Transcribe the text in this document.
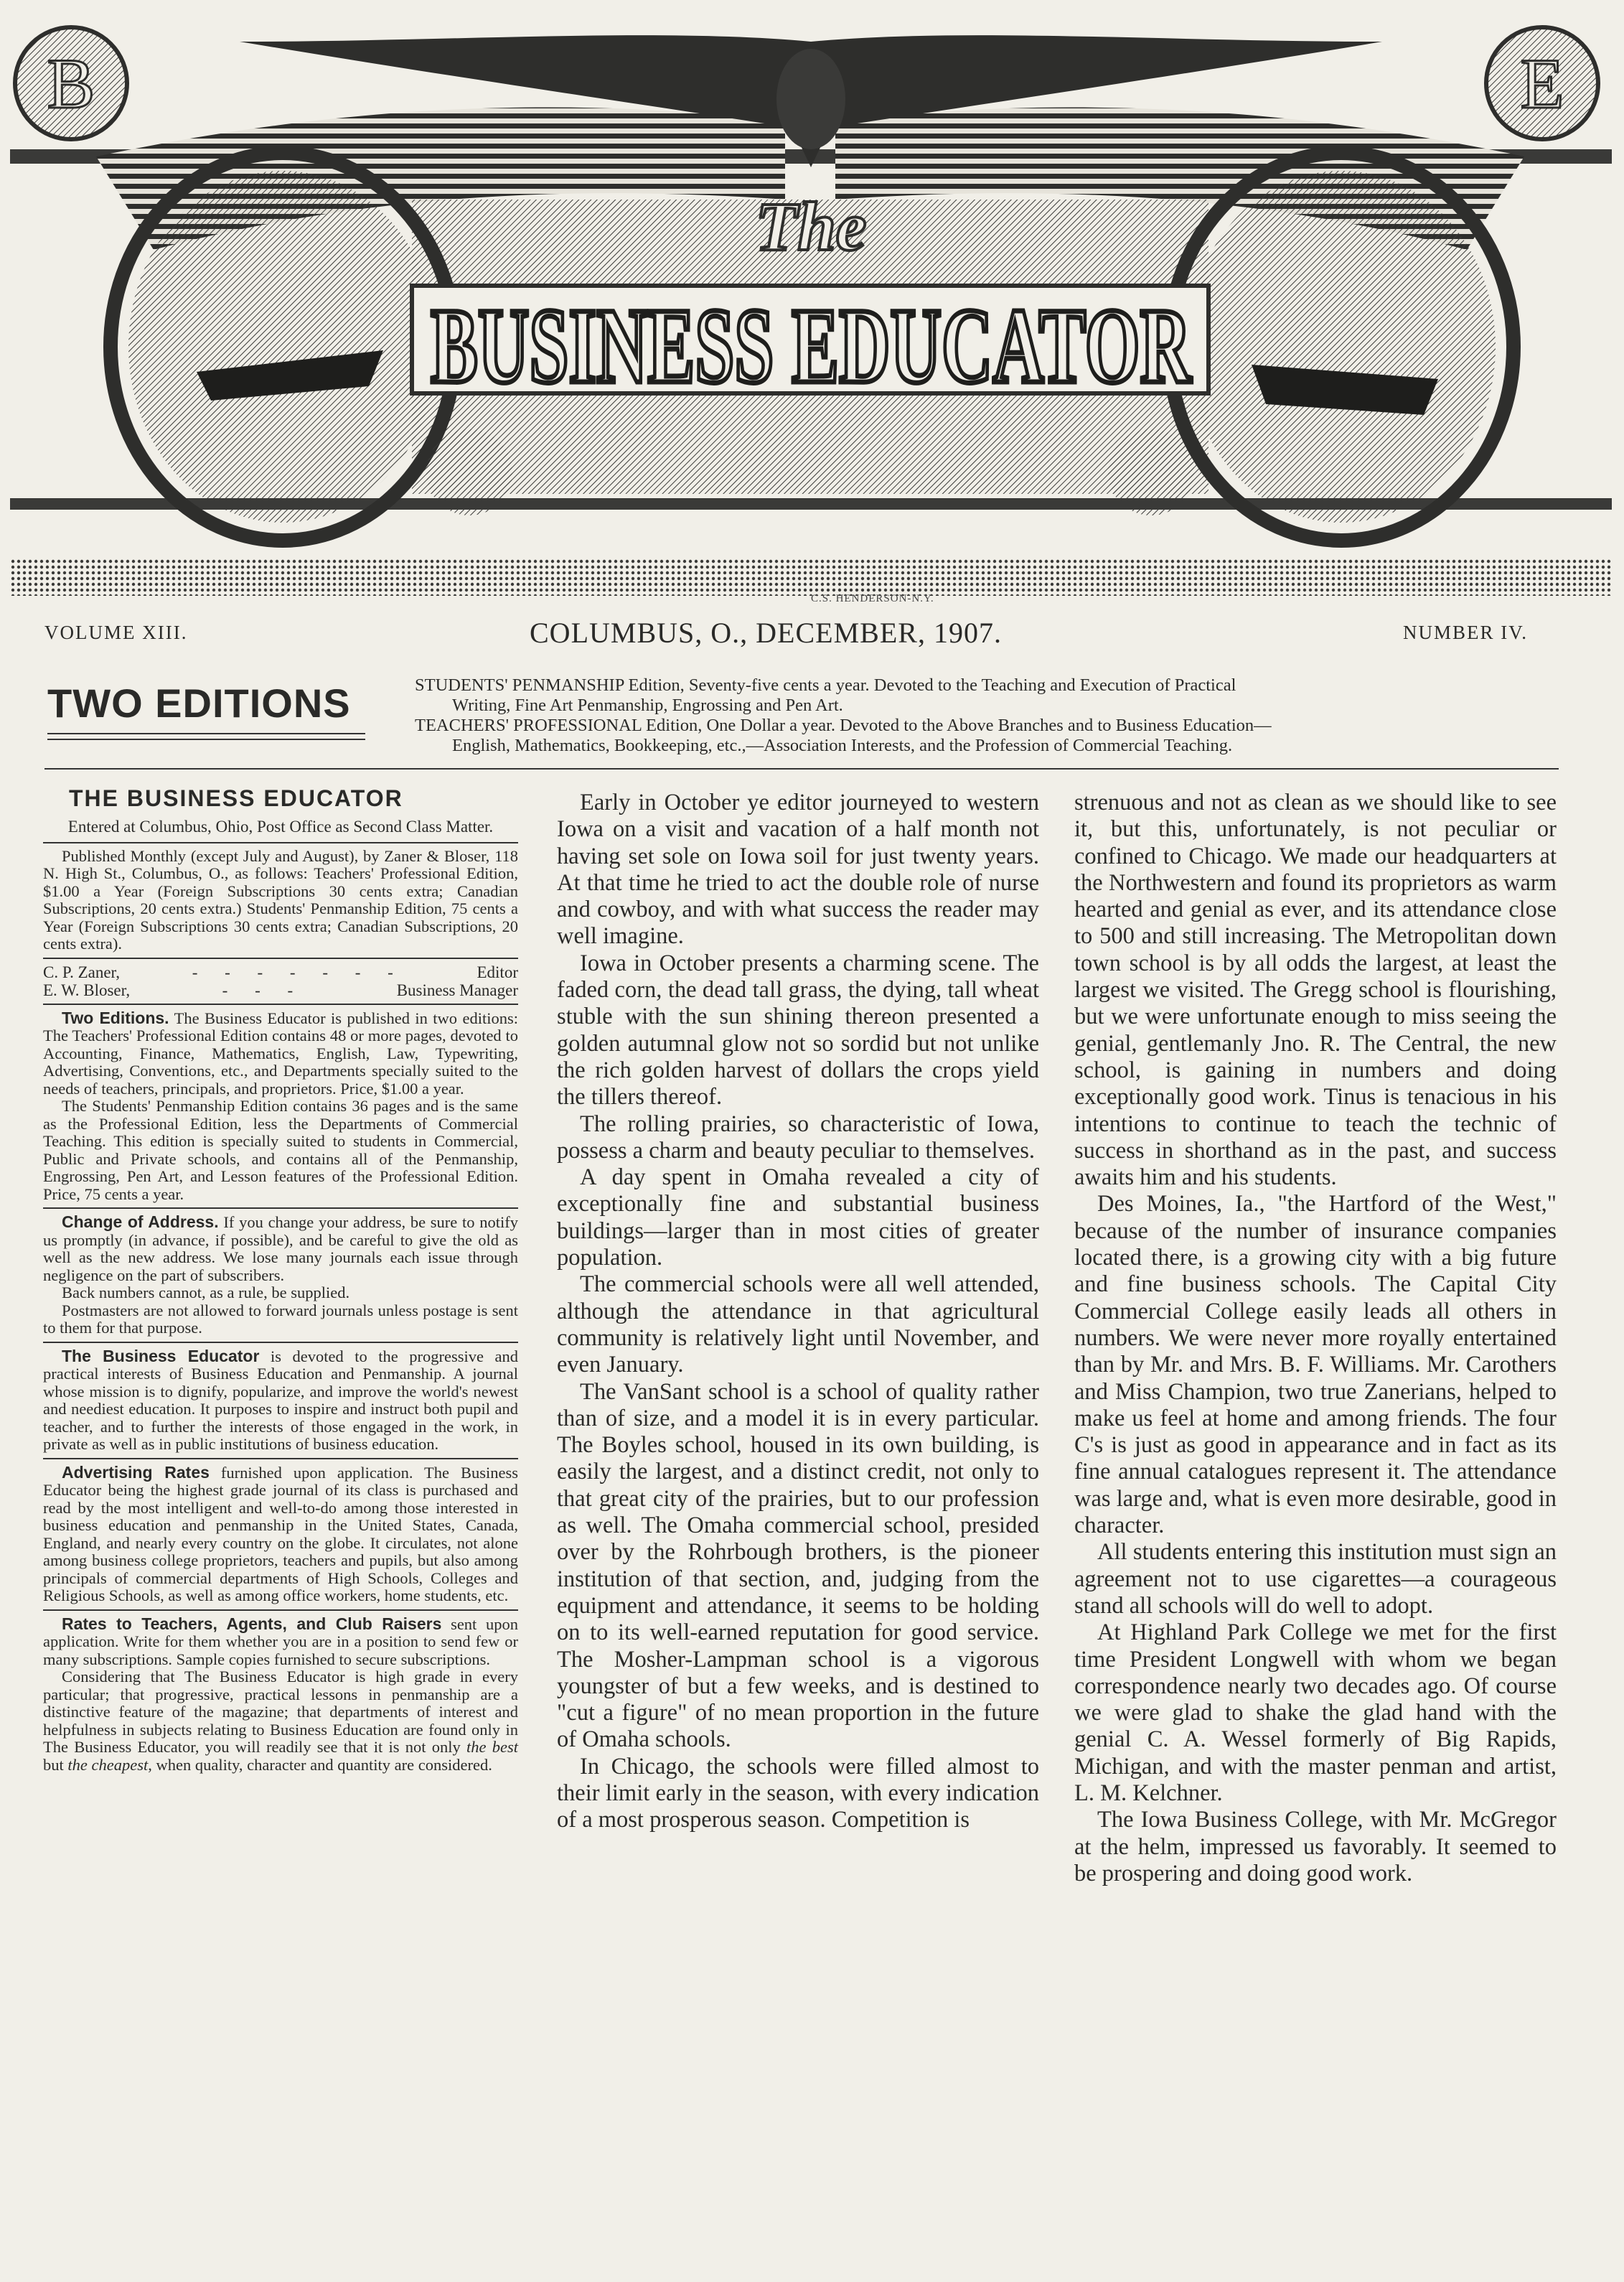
B	E
The
BUSINESS EDUCATOR
C.S. HENDERSON-N.Y.
VOLUME XIII.	COLUMBUS, O., DECEMBER, 1907.	NUMBER IV.
TWO EDITIONS	STUDENTS' PENMANSHIP Edition, Seventy-five cents a year. Devoted to the Teaching and Execution of Practical

Writing, Fine Art Penmanship, Engrossing and Pen Art.

TEACHERS' PROFESSIONAL Edition, One Dollar a year. Devoted to the Above Branches and to Business Education—

English, Mathematics, Bookkeeping, etc.,—Association Interests, and the Profession of Commercial Teaching.

THE BUSINESS EDUCATOR

Entered at Columbus, Ohio, Post Office as Second Class Matter.

Published Monthly (except July and August), by Zaner & Bloser, 118 N. High St., Columbus, O., as follows: Teachers' Professional Edition, $1.00 a Year (Foreign Subscriptions 30 cents extra; Canadian Subscriptions, 20 cents extra.) Students' Penmanship Edition, 75 cents a Year (Foreign Subscriptions 30 cents extra; Canadian Subscriptions, 20 cents extra).

C. P. Zaner,	- - - - - - -	Editor
E. W. Bloser,	- - -	Business Manager

Two Editions. The Business Educator is published in two editions: The Teachers' Professional Edition contains 48 or more pages, devoted to Accounting, Finance, Mathematics, English, Law, Typewriting, Advertising, Conventions, etc., and Departments specially suited to the needs of teachers, principals, and proprietors. Price, $1.00 a year.

The Students' Penmanship Edition contains 36 pages and is the same as the Professional Edition, less the Departments of Commercial Teaching. This edition is specially suited to students in Commercial, Public and Private schools, and contains all of the Penmanship, Engrossing, Pen Art, and Lesson features of the Professional Edition. Price, 75 cents a year.

Change of Address. If you change your address, be sure to notify us promptly (in advance, if possible), and be careful to give the old as well as the new address. We lose many journals each issue through negligence on the part of subscribers.

Back numbers cannot, as a rule, be supplied.

Postmasters are not allowed to forward journals unless postage is sent to them for that purpose.

The Business Educator is devoted to the progressive and practical interests of Business Education and Penmanship. A journal whose mission is to dignify, popularize, and improve the world's newest and neediest education. It purposes to inspire and instruct both pupil and teacher, and to further the interests of those engaged in the work, in private as well as in public institutions of business education.

Advertising Rates furnished upon application. The Business Educator being the highest grade journal of its class is purchased and read by the most intelligent and well-to-do among those interested in business education and penmanship in the United States, Canada, England, and nearly every country on the globe. It circulates, not alone among business college proprietors, teachers and pupils, but also among principals of commercial departments of High Schools, Colleges and Religious Schools, as well as among office workers, home students, etc.

Rates to Teachers, Agents, and Club Raisers sent upon application. Write for them whether you are in a position to send few or many subscriptions. Sample copies furnished to secure subscriptions.

Considering that The Business Educator is high grade in every particular; that progressive, practical lessons in penmanship are a distinctive feature of the magazine; that departments of interest and helpfulness in subjects relating to Business Education are found only in The Business Educator, you will readily see that it is not only the best but the cheapest, when quality, character and quantity are considered.

Early in October ye editor journeyed to western Iowa on a visit and vacation of a half month not having set sole on Iowa soil for just twenty years. At that time he tried to act the double role of nurse and cowboy, and with what success the reader may well imagine.

Iowa in October presents a charming scene. The faded corn, the dead tall grass, the dying, tall wheat stuble with the sun shining thereon presented a golden autumnal glow not so sordid but not unlike the rich golden harvest of dollars the crops yield the tillers thereof.

The rolling prairies, so characteristic of Iowa, possess a charm and beauty peculiar to themselves.

A day spent in Omaha revealed a city of exceptionally fine and substantial business buildings—larger than in most cities of greater population.

The commercial schools were all well attended, although the attendance in that agricultural community is relatively light until November, and even January.

The VanSant school is a school of quality rather than of size, and a model it is in every particular. The Boyles school, housed in its own building, is easily the largest, and a distinct credit, not only to that great city of the prairies, but to our profession as well. The Omaha commercial school, presided over by the Rohrbough brothers, is the pioneer institution of that section, and, judging from the equipment and attendance, it seems to be holding on to its well-earned reputation for good service. The Mosher-Lampman school is a vigorous youngster of but a few weeks, and is destined to "cut a figure" of no mean proportion in the future of Omaha schools.

In Chicago, the schools were filled almost to their limit early in the season, with every indication of a most prosperous season. Competition is

strenuous and not as clean as we should like to see it, but this, unfortunately, is not peculiar or confined to Chicago. We made our headquarters at the Northwestern and found its proprietors as warm hearted and genial as ever, and its attendance close to 500 and still increasing. The Metropolitan down town school is by all odds the largest, at least the largest we visited. The Gregg school is flourishing, but we were unfortunate enough to miss seeing the genial, gentlemanly Jno. R. The Central, the new school, is gaining in numbers and doing exceptionally good work. Tinus is tenacious in his intentions to continue to teach the technic of success in shorthand as in the past, and success awaits him and his students.

Des Moines, Ia., "the Hartford of the West," because of the number of insurance companies located there, is a growing city with a big future and fine business schools. The Capital City Commercial College easily leads all others in numbers. We were never more royally entertained than by Mr. and Mrs. B. F. Williams. Mr. Carothers and Miss Champion, two true Zanerians, helped to make us feel at home and among friends. The four C's is just as good in appearance and in fact as its fine annual catalogues represent it. The attendance was large and, what is even more desirable, good in character.

All students entering this institution must sign an agreement not to use cigarettes—a courageous stand all schools will do well to adopt.

At Highland Park College we met for the first time President Longwell with whom we began correspondence nearly two decades ago. Of course we were glad to shake the glad hand with the genial C. A. Wessel formerly of Big Rapids, Michigan, and with the master penman and artist, L. M. Kelchner.

The Iowa Business College, with Mr. McGregor at the helm, impressed us favorably. It seemed to be prospering and doing good work.
